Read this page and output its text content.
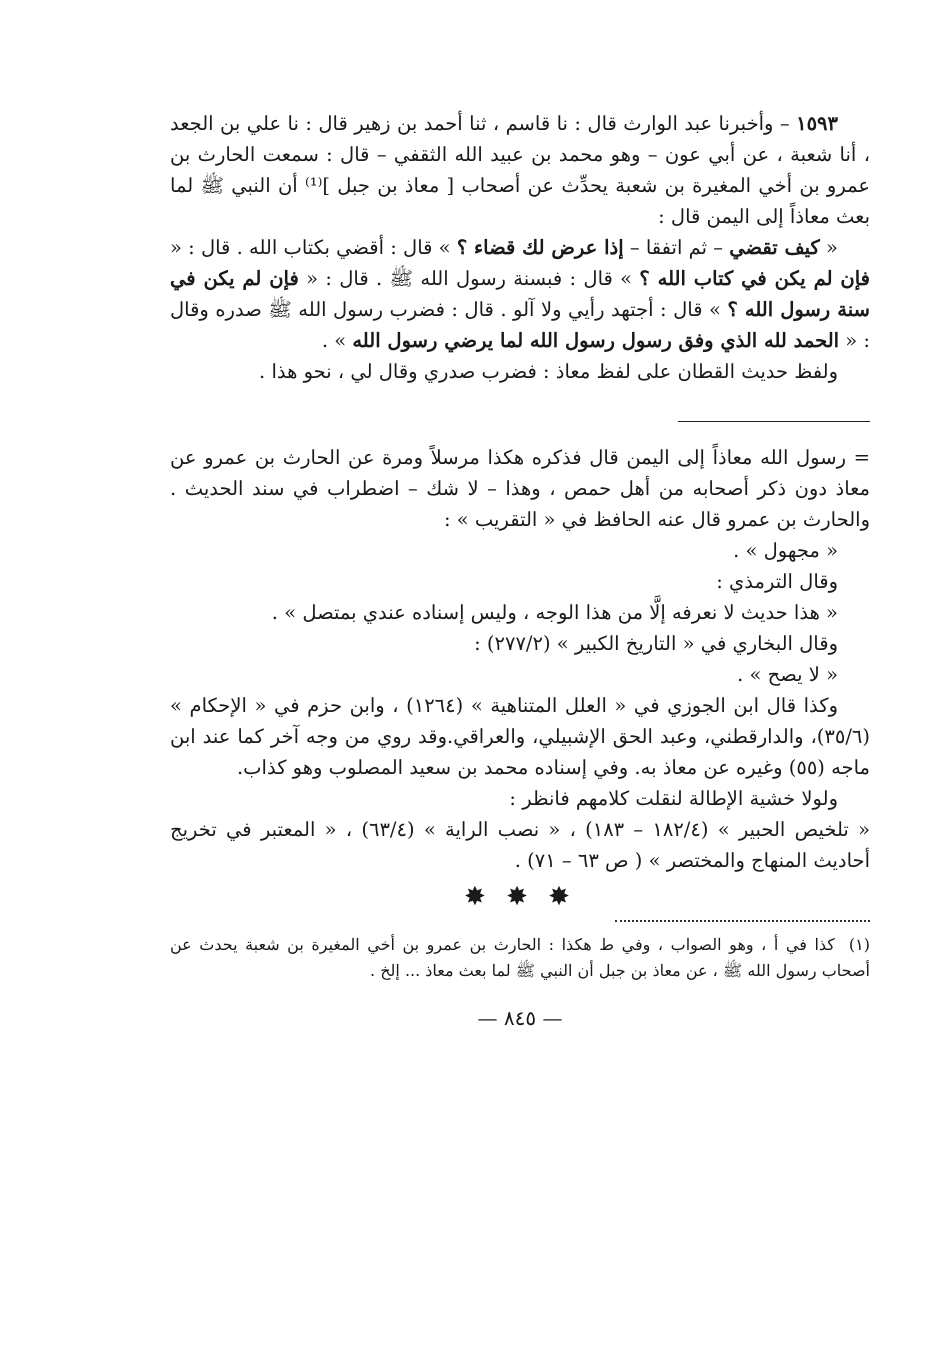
١٥٩٣ – وأخبرنا عبد الوارث قال : نا قاسم ، ثنا أحمد بن زهير قال : نا علي بن الجعد ، أنا شعبة ، عن أبي عون – وهو محمد بن عبيد الله الثقفي – قال : سمعت الحارث بن عمرو بن أخي المغيرة بن شعبة يحدِّث عن أصحاب [ معاذ بن جبل ]⁽¹⁾ أن النبي ﷺ لما بعث معاذاً إلى اليمن قال :

« كيف تقضي – ثم اتفقا – إذا عرض لك قضاء ؟ » قال : أقضي بكتاب الله . قال : « فإن لم يكن في كتاب الله ؟ » قال : فبسنة رسول الله ﷺ . قال : « فإن لم يكن في سنة رسول الله ؟ » قال : أجتهد رأيي ولا آلو . قال : فضرب رسول الله ﷺ صدره وقال : « الحمد لله الذي وفق رسول رسول الله لما يرضي رسول الله » .

ولفظ حديث القطان على لفظ معاذ : فضرب صدري وقال لي ، نحو هذا .

= رسول الله معاذاً إلى اليمن قال فذكره هكذا مرسلاً ومرة عن الحارث بن عمرو عن معاذ دون ذكر أصحابه من أهل حمص ، وهذا – لا شك – اضطراب في سند الحديث . والحارث بن عمرو قال عنه الحافظ في « التقريب » :

« مجهول » .

وقال الترمذي :

« هذا حديث لا نعرفه إلَّا من هذا الوجه ، وليس إسناده عندي بمتصل » .

وقال البخاري في « التاريخ الكبير » (٢٧٧/٢) :

« لا يصح » .

وكذا قال ابن الجوزي في « العلل المتناهية » (١٢٦٤) ، وابن حزم في « الإحكام » (٣٥/٦)، والدارقطني، وعبد الحق الإشبيلي، والعراقي.وقد روي من وجه آخر كما عند ابن ماجه (٥٥) وغيره عن معاذ به. وفي إسناده محمد بن سعيد المصلوب وهو كذاب.

ولولا خشية الإطالة لنقلت كلامهم فانظر :

« تلخيص الحبير » (١٨٢/٤ – ١٨٣) ، « نصب الراية » (٦٣/٤) ، « المعتبر في تخريج أحاديث المنهاج والمختصر » ( ص ٦٣ – ٧١) .

✸ ✸ ✸
(١)كذا في أ ، وهو الصواب ، وفي ط هكذا : الحارث بن عمرو بن أخي المغيرة بن شعبة يحدث عن أصحاب رسول الله ﷺ ، عن معاذ بن جبل أن النبي ﷺ لما بعث معاذ ... إلخ .
— ٨٤٥ —
